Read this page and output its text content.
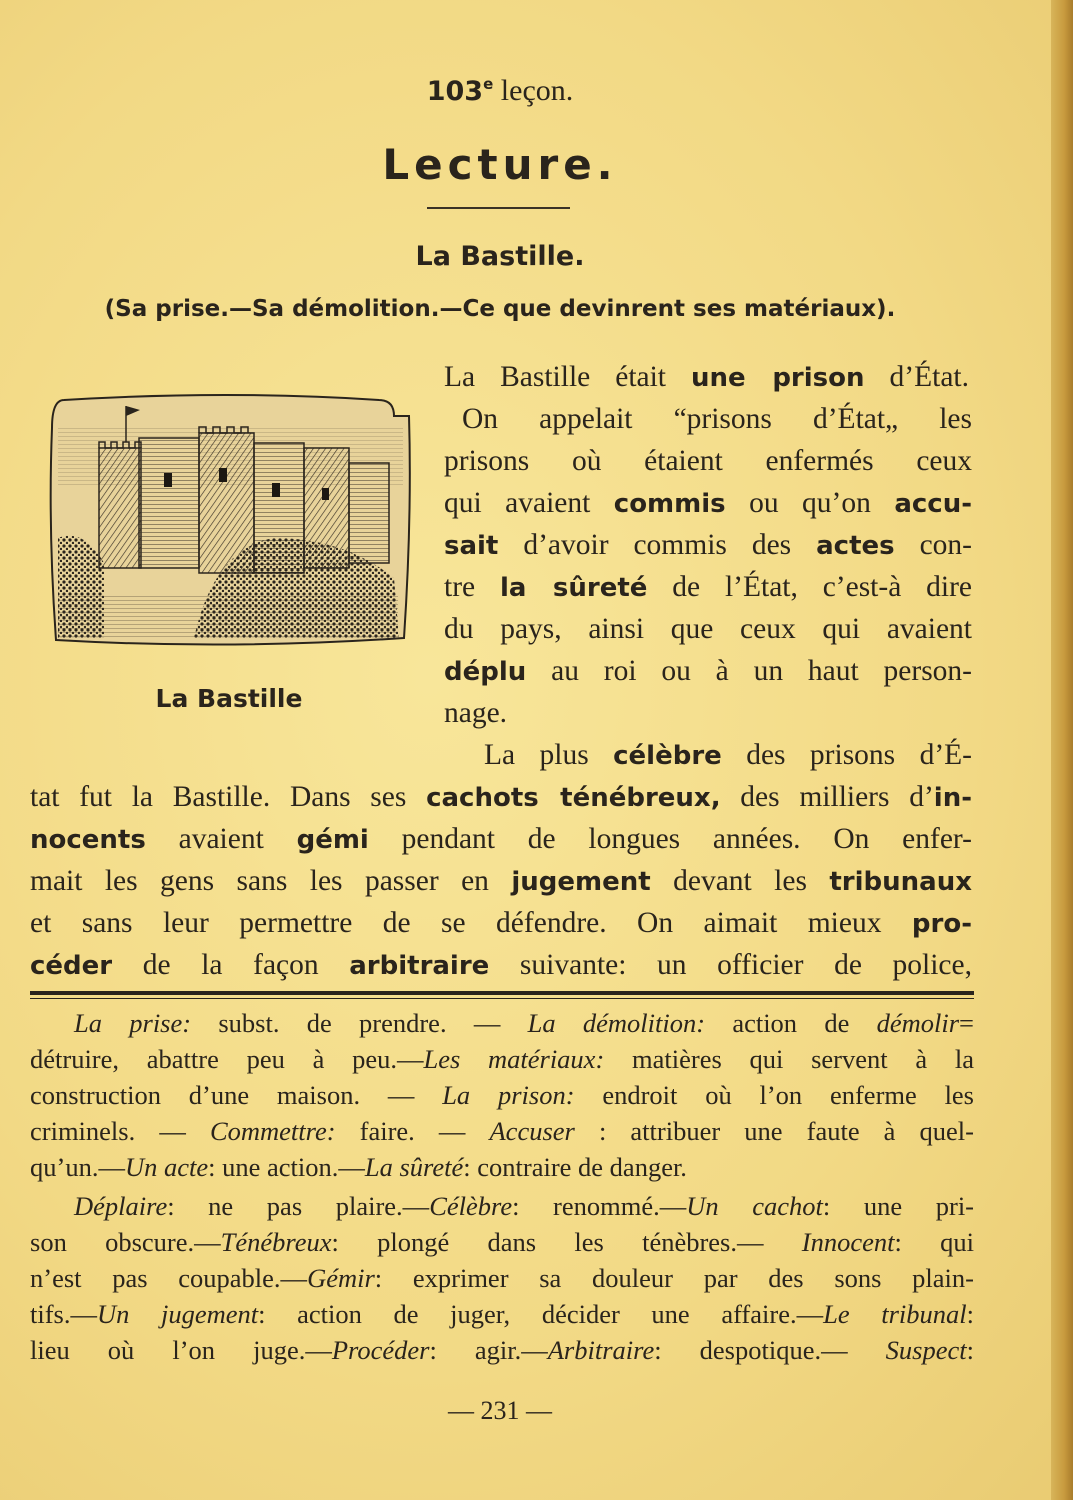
103e leçon.
Lecture.
La Bastille.
(Sa prise.—Sa démolition.—Ce que devinrent ses matériaux).
La Bastille
La Bastille était une prison d’État.
On appelait “prisons d’État„ les
prisons où étaient enfermés ceux
qui avaient commis ou qu’on accu-
sait d’avoir commis des actes con-
tre la sûreté de l’État, c’est-à dire
du pays, ainsi que ceux qui avaient
déplu au roi ou à un haut person-
nage.
La plus célèbre des prisons d’É-
tat fut la Bastille. Dans ses cachots ténébreux, des milliers d’in-
nocents avaient gémi pendant de longues années. On enfer-
mait les gens sans les passer en jugement devant les tribunaux
et sans leur permettre de se défendre. On aimait mieux pro-
céder de la façon arbitraire suivante: un officier de police,
La prise: subst. de prendre. — La démolition: action de démolir=
détruire, abattre peu à peu.—Les matériaux: matières qui servent à la
construction d’une maison. — La prison: endroit où l’on enferme les
criminels. — Commettre: faire. — Accuser : attribuer une faute à quel-
qu’un.—Un acte: une action.—La sûreté: contraire de danger.
Déplaire: ne pas plaire.—Célèbre: renommé.—Un cachot: une pri-
son obscure.—Ténébreux: plongé dans les ténèbres.— Innocent: qui
n’est pas coupable.—Gémir: exprimer sa douleur par des sons plain-
tifs.—Un jugement: action de juger, décider une affaire.—Le tribunal:
lieu où l’on juge.—Procéder: agir.—Arbitraire: despotique.— Suspect:
— 231 —
